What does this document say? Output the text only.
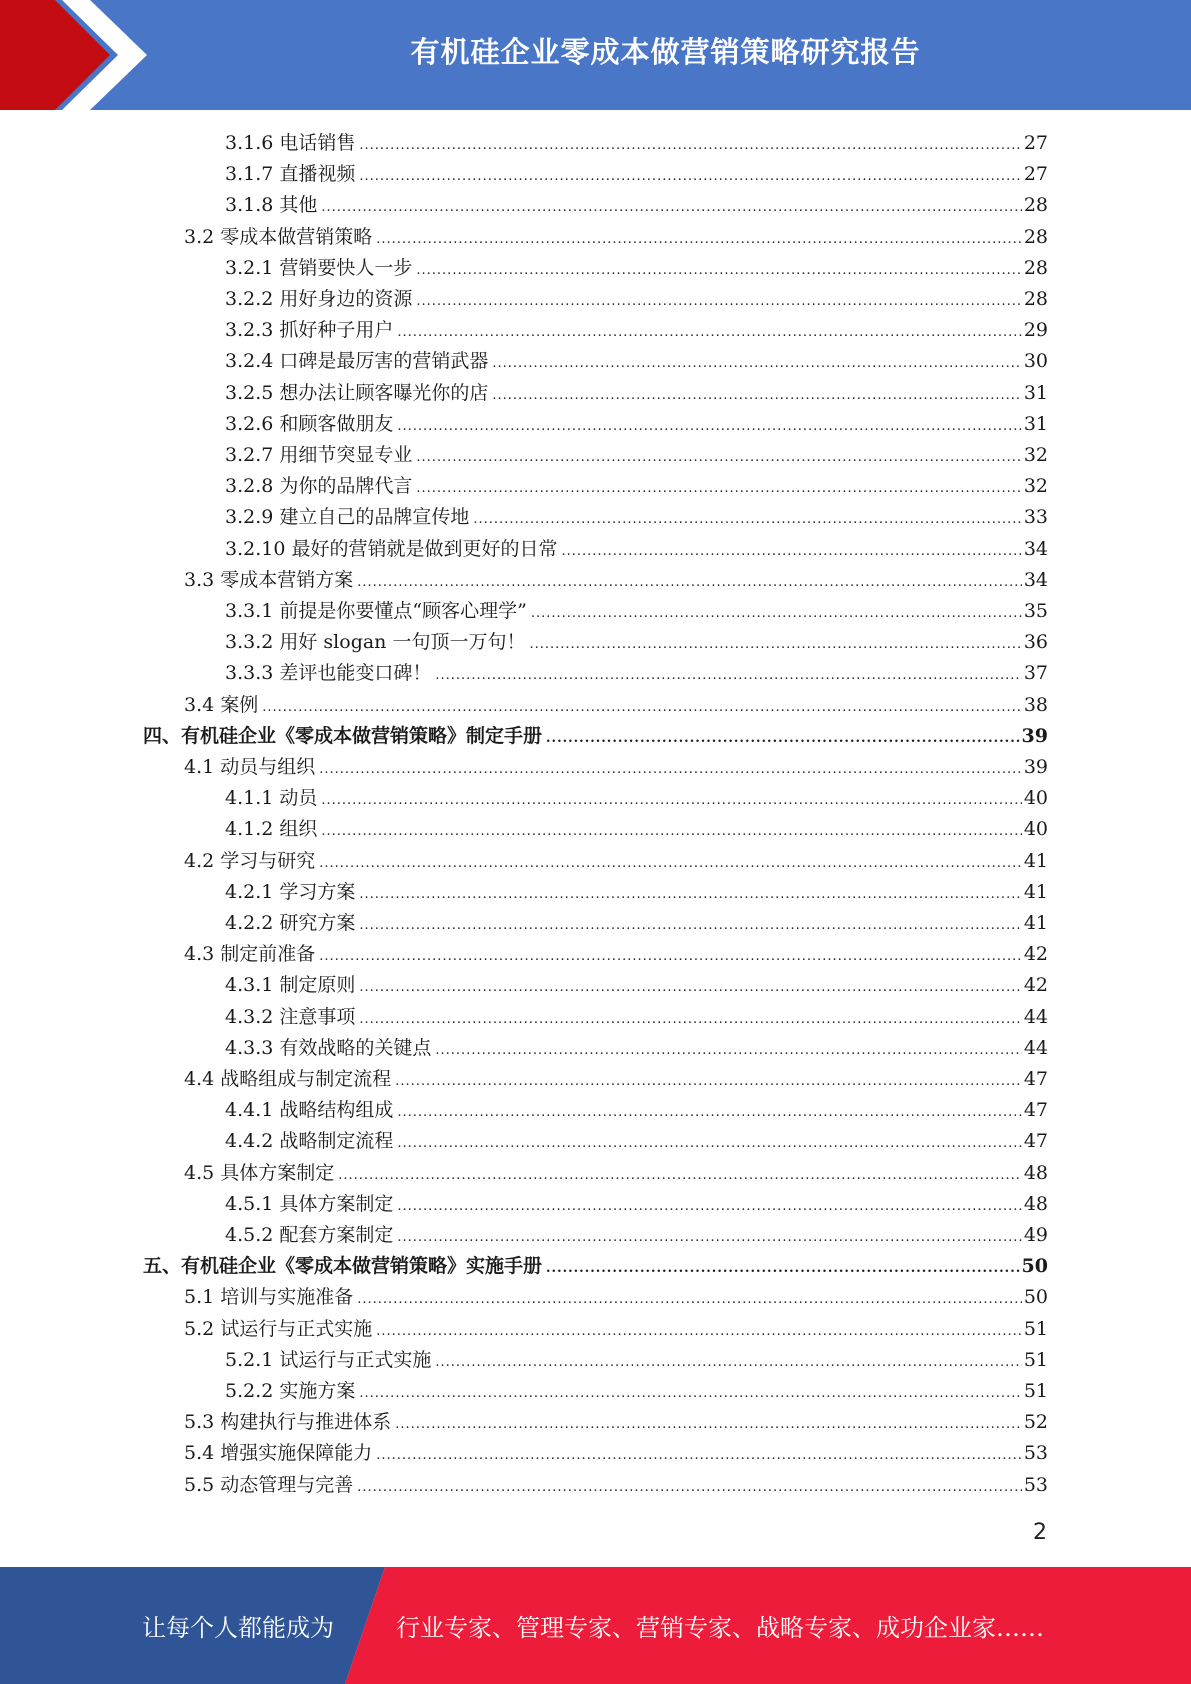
有机硅企业零成本做营销策略研究报告
3.1.6 电话销售 .....	27
3.1.7 直播视频 .....	27
3.1.8 其他 .....	28
3.2 零成本做营销策略 .....	28
3.2.1 营销要快人一步 .....	28
3.2.2 用好身边的资源 .....	28
3.2.3 抓好种子用户 .....	29
3.2.4 口碑是最厉害的营销武器 .....	30
3.2.5 想办法让顾客曝光你的店 .....	31
3.2.6 和顾客做朋友 .....	31
3.2.7 用细节突显专业 .....	32
3.2.8 为你的品牌代言 .....	32
3.2.9 建立自己的品牌宣传地 .....	33
3.2.10 最好的营销就是做到更好的日常 .....	34
3.3 零成本营销方案 .....	34
3.3.1 前提是你要懂点“顾客心理学” .....	35
3.3.2 用好 slogan 一句顶一万句！ .....	36
3.3.3 差评也能变口碑！ .....	37
3.4 案例 .....	38
四、有机硅企业《零成本做营销策略》制定手册 .....	39
4.1 动员与组织 .....	39
4.1.1 动员 .....	40
4.1.2 组织 .....	40
4.2 学习与研究 .....	41
4.2.1 学习方案 .....	41
4.2.2 研究方案 .....	41
4.3 制定前准备 .....	42
4.3.1 制定原则 .....	42
4.3.2 注意事项 .....	44
4.3.3 有效战略的关键点 .....	44
4.4 战略组成与制定流程 .....	47
4.4.1 战略结构组成 .....	47
4.4.2 战略制定流程 .....	47
4.5 具体方案制定 .....	48
4.5.1 具体方案制定 .....	48
4.5.2 配套方案制定 .....	49
五、有机硅企业《零成本做营销策略》实施手册 .....	50
5.1 培训与实施准备 .....	50
5.2 试运行与正式实施 .....	51
5.2.1 试运行与正式实施 .....	51
5.2.2 实施方案 .....	51
5.3 构建执行与推进体系 .....	52
5.4 增强实施保障能力 .....	53
5.5 动态管理与完善 .....	53
2
让每个人都能成为	行业专家、管理专家、营销专家、战略专家、成功企业家……
